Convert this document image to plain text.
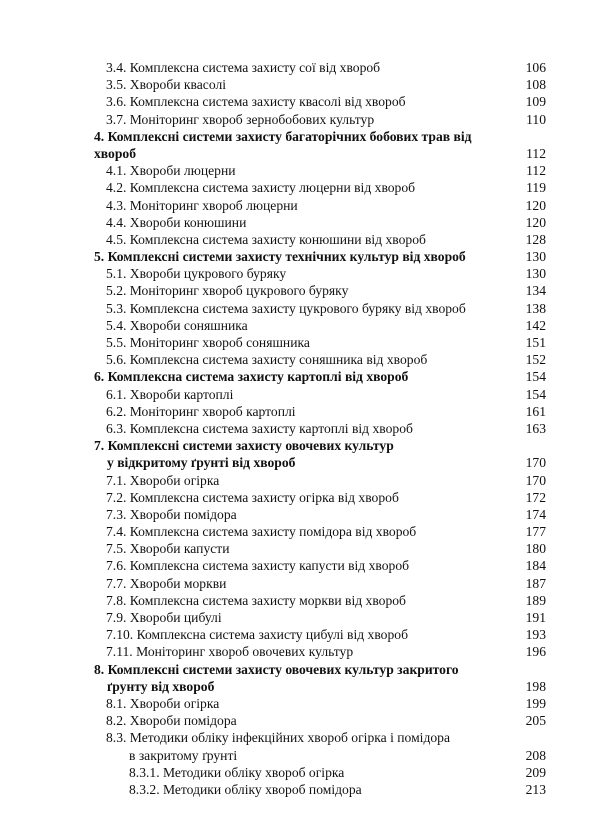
3.4. Комплексна система захисту сої від хвороб	106
3.5. Хвороби квасолі	108
3.6. Комплексна система захисту квасолі від хвороб	109
3.7. Моніторинг хвороб зернобобових культур	110
4. Комплексні системи захисту багаторічних бобових трав від
хвороб	112
4.1. Хвороби люцерни	112
4.2. Комплексна система захисту люцерни від хвороб	119
4.3. Моніторинг хвороб люцерни	120
4.4. Хвороби конюшини	120
4.5. Комплексна система захисту конюшини від хвороб	128
5. Комплексні системи захисту технічних культур від хвороб	130
5.1. Хвороби цукрового буряку	130
5.2. Моніторинг хвороб цукрового буряку	134
5.3. Комплексна система захисту цукрового буряку від хвороб	138
5.4. Хвороби соняшника	142
5.5. Моніторинг хвороб соняшника	151
5.6. Комплексна система захисту соняшника від хвороб	152
6. Комплексна система захисту картоплі від хвороб	154
6.1. Хвороби картоплі	154
6.2. Моніторинг хвороб картоплі	161
6.3. Комплексна система захисту картоплі від хвороб	163
7. Комплексні системи захисту овочевих культур
у відкритому ґрунті від хвороб	170
7.1. Хвороби огірка	170
7.2. Комплексна система захисту огірка від хвороб	172
7.3. Хвороби помідора	174
7.4. Комплексна система захисту помідора від хвороб	177
7.5. Хвороби капусти	180
7.6. Комплексна система захисту капусти від хвороб	184
7.7. Хвороби моркви	187
7.8. Комплексна система захисту моркви від хвороб	189
7.9. Хвороби цибулі	191
7.10. Комплексна система захисту цибулі від хвороб	193
7.11. Моніторинг хвороб овочевих культур	196
8. Комплексні системи захисту овочевих культур закритого
ґрунту від хвороб	198
8.1. Хвороби огірка	199
8.2. Хвороби помідора	205
8.3. Методики обліку інфекційних хвороб огірка і помідора
в закритому ґрунті	208
8.3.1. Методики обліку хвороб огірка	209
8.3.2. Методики обліку хвороб помідора	213
